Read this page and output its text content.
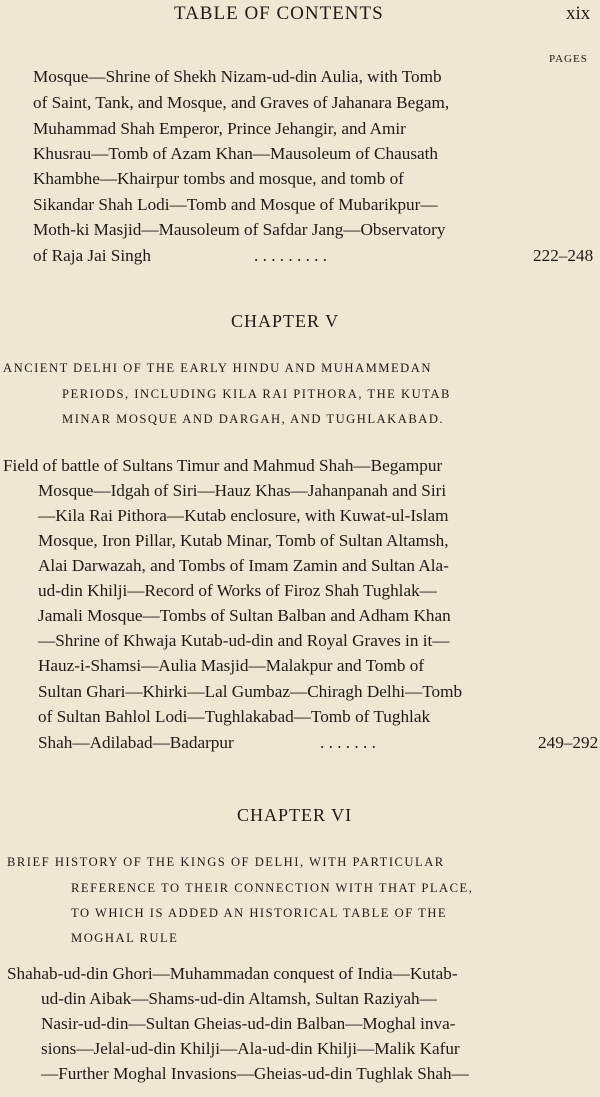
TABLE OF CONTENTS	xix
PAGES
Mosque—Shrine of Shekh Nizam-ud-din Aulia, with Tomb
of Saint, Tank, and Mosque, and Graves of Jahanara Begam,
Muhammad Shah Emperor, Prince Jehangir, and Amir
Khusrau—Tomb of Azam Khan—Mausoleum of Chausath
Khambhe—Khairpur tombs and mosque, and tomb of
Sikandar Shah Lodi—Tomb and Mosque of Mubarikpur—
Moth-ki Masjid—Mausoleum of Safdar Jang—Observatory
of Raja Jai Singh	. . . . . . . . .	222–248
CHAPTER V
ANCIENT DELHI OF THE EARLY HINDU AND MUHAMMEDAN
PERIODS, INCLUDING KILA RAI PITHORA, THE KUTAB
MINAR MOSQUE AND DARGAH, AND TUGHLAKABAD.
Field of battle of Sultans Timur and Mahmud Shah—Begampur
Mosque—Idgah of Siri—Hauz Khas—Jahanpanah and Siri
—Kila Rai Pithora—Kutab enclosure, with Kuwat-ul-Islam
Mosque, Iron Pillar, Kutab Minar, Tomb of Sultan Altamsh,
Alai Darwazah, and Tombs of Imam Zamin and Sultan Ala-
ud-din Khilji—Record of Works of Firoz Shah Tughlak—
Jamali Mosque—Tombs of Sultan Balban and Adham Khan
—Shrine of Khwaja Kutab-ud-din and Royal Graves in it—
Hauz-i-Shamsi—Aulia Masjid—Malakpur and Tomb of
Sultan Ghari—Khirki—Lal Gumbaz—Chiragh Delhi—Tomb
of Sultan Bahlol Lodi—Tughlakabad—Tomb of Tughlak
Shah—Adilabad—Badarpur	. . . . . . .	249–292
CHAPTER VI
BRIEF HISTORY OF THE KINGS OF DELHI, WITH PARTICULAR
REFERENCE TO THEIR CONNECTION WITH THAT PLACE,
TO WHICH IS ADDED AN HISTORICAL TABLE OF THE
MOGHAL RULE
Shahab-ud-din Ghori—Muhammadan conquest of India—Kutab-
ud-din Aibak—Shams-ud-din Altamsh, Sultan Raziyah—
Nasir-ud-din—Sultan Gheias-ud-din Balban—Moghal inva-
sions—Jelal-ud-din Khilji—Ala-ud-din Khilji—Malik Kafur
—Further Moghal Invasions—Gheias-ud-din Tughlak Shah—
